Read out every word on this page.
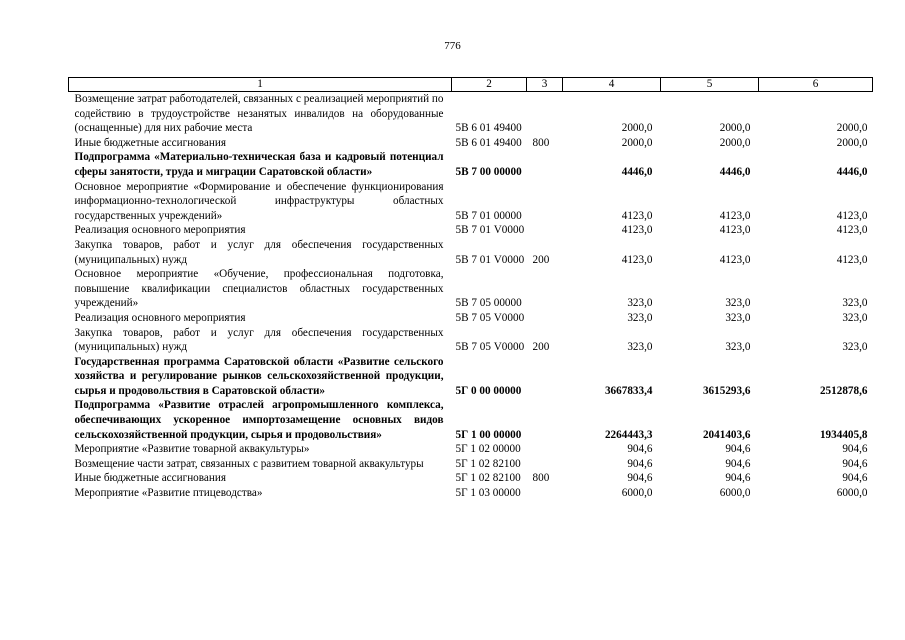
776
1	2	3	4	5	6
Возмещение затрат работодателей, связанных с реализацией мероприятий по содействию в трудоустройстве незанятых инвалидов на оборудованные (оснащенные) для них рабочие места	5В 6 01 49400		2000,0	2000,0	2000,0
Иные бюджетные ассигнования	5В 6 01 49400	800	2000,0	2000,0	2000,0
Подпрограмма «Материально-техническая база и кадровый потенциал сферы занятости, труда и миграции Саратовской области»	5В 7 00 00000		4446,0	4446,0	4446,0
Основное мероприятие «Формирование и обеспечение функционирования информационно-технологической инфраструктуры областных государственных учреждений»	5В 7 01 00000		4123,0	4123,0	4123,0
Реализация основного мероприятия	5В 7 01 V0000		4123,0	4123,0	4123,0
Закупка товаров, работ и услуг для обеспечения государственных (муниципальных) нужд	5В 7 01 V0000	200	4123,0	4123,0	4123,0
Основное мероприятие «Обучение, профессиональная подготовка, повышение квалификации специалистов областных государственных учреждений»	5В 7 05 00000		323,0	323,0	323,0
Реализация основного мероприятия	5В 7 05 V0000		323,0	323,0	323,0
Закупка товаров, работ и услуг для обеспечения государственных (муниципальных) нужд	5В 7 05 V0000	200	323,0	323,0	323,0
Государственная программа Саратовской области «Развитие сельского хозяйства и регулирование рынков сельскохозяйственной продукции, сырья и продовольствия в Саратовской области»	5Г 0 00 00000		3667833,4	3615293,6	2512878,6
Подпрограмма «Развитие отраслей агропромышленного комплекса, обеспечивающих ускоренное импортозамещение основных видов сельскохозяйственной продукции, сырья и продовольствия»	5Г 1 00 00000		2264443,3	2041403,6	1934405,8
Мероприятие «Развитие товарной аквакультуры»	5Г 1 02 00000		904,6	904,6	904,6
Возмещение части затрат, связанных с развитием товарной аквакультуры	5Г 1 02 82100		904,6	904,6	904,6
Иные бюджетные ассигнования	5Г 1 02 82100	800	904,6	904,6	904,6
Мероприятие «Развитие птицеводства»	5Г 1 03 00000		6000,0	6000,0	6000,0
